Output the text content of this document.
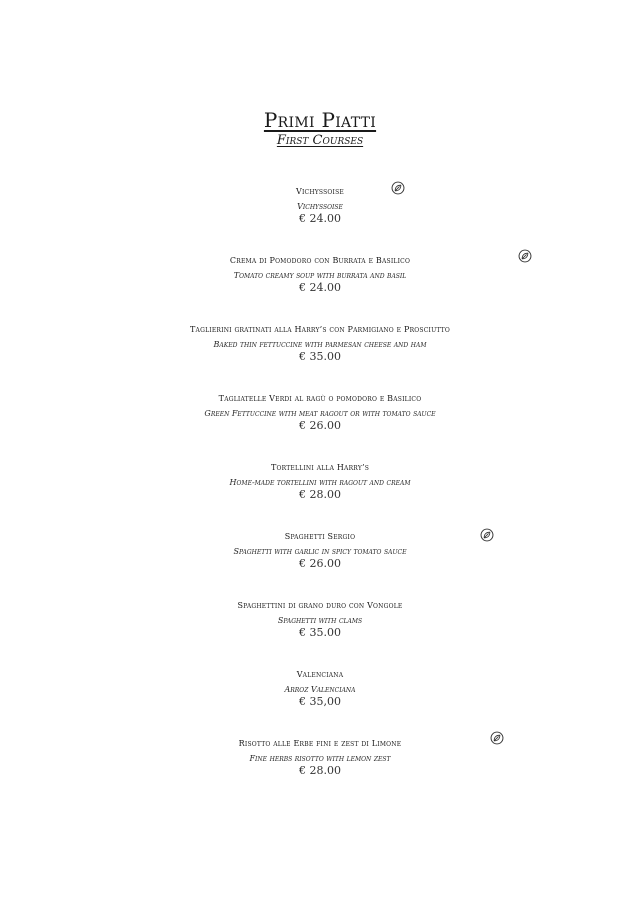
Primi Piatti
First Courses
Vichyssoise
Vichyssoise
€ 24.00
Crema di Pomodoro con Burrata e Basilico
Tomato creamy soup with burrata and basil
€ 24.00
Taglierini gratinati alla Harry’s con Parmigiano e Prosciutto
Baked thin fettuccine with parmesan cheese and ham
€ 35.00
Tagliatelle Verdi al ragù o pomodoro e Basilico
Green Fettuccine with meat ragout or with tomato sauce
€ 26.00
Tortellini alla Harry’s
Home-made tortellini with ragout and cream
€ 28.00
Spaghetti Sergio
Spaghetti with garlic in spicy tomato sauce
€ 26.00
Spaghettini di grano duro con Vongole
Spaghetti with clams
€ 35.00
Valenciana
Arroz Valenciana
€ 35,00
Risotto alle Erbe fini e zest di Limone
Fine herbs risotto with lemon zest
€ 28.00
